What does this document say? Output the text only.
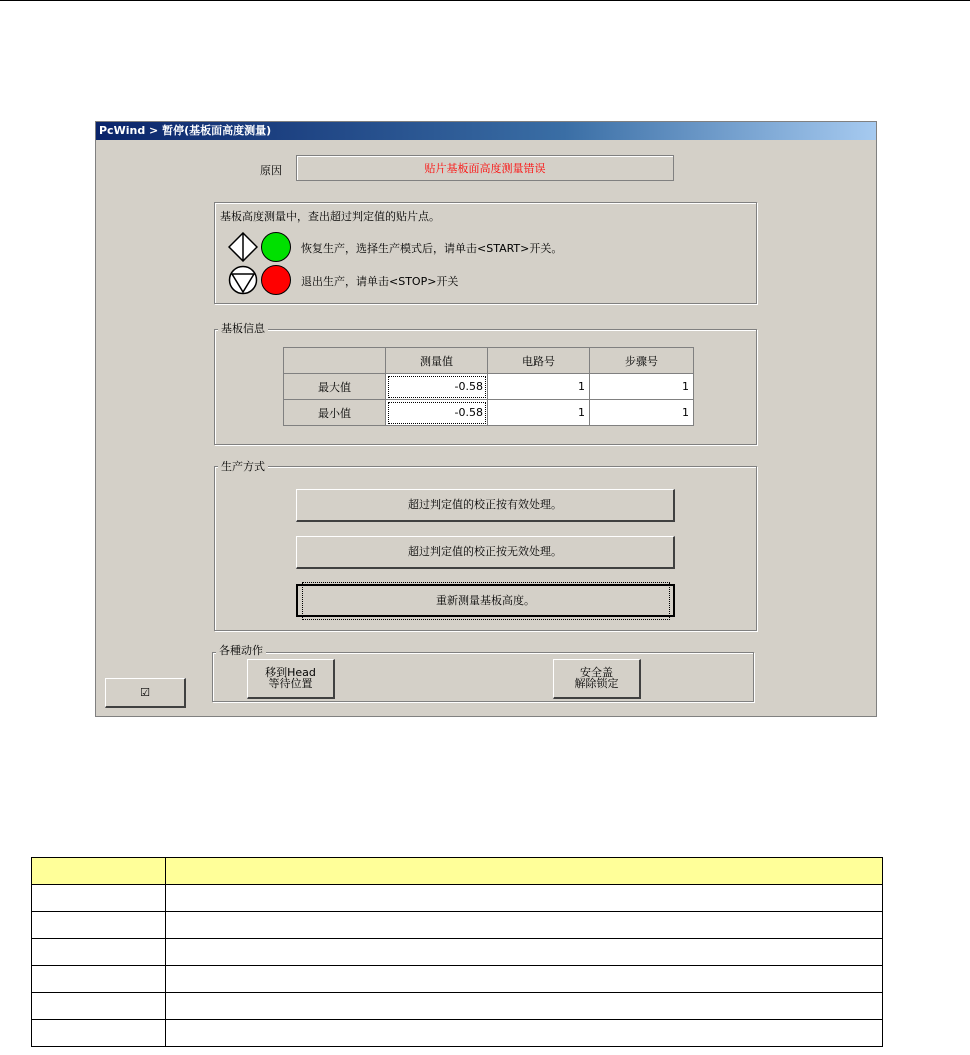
PcWind > 暂停(基板面高度测量)
原因	贴片基板面高度测量错误
基板高度测量中，查出超过判定值的贴片点。
恢复生产，选择生产模式后，请单击<START>开关。
退出生产，请单击<STOP>开关
基板信息
	测量值	电路号	步骤号
最大值	-0.58	1	1
最小值	-0.58	1	1
生产方式
超过判定值的校正按有效处理。
超过判定值的校正按无效处理。
重新测量基板高度。
各種动作
移到Head
等待位置
安全盖
解除锁定
☑
